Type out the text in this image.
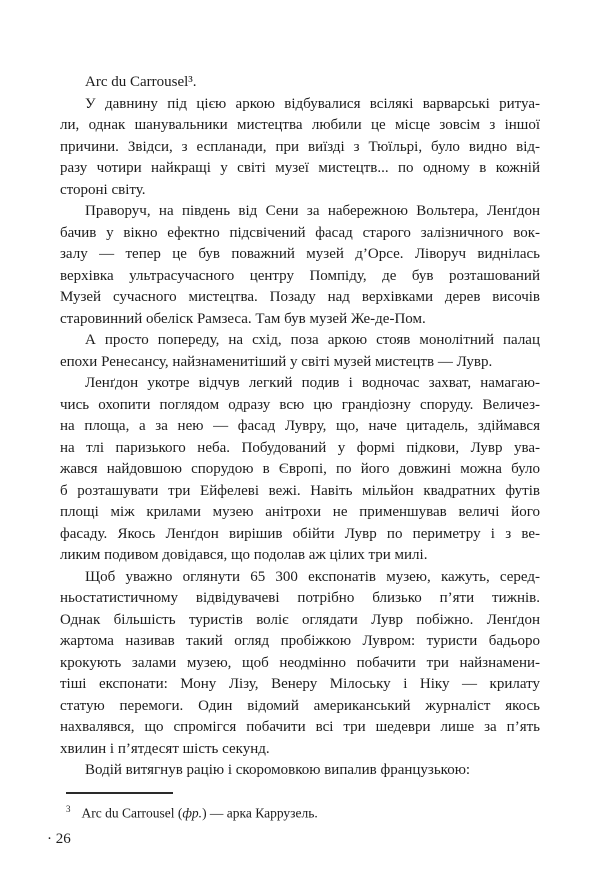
Arc du Carrousel³.
У давнину під цією аркою відбувалися всілякі варварські ритуа-
ли, однак шанувальники мистецтва любили це місце зовсім з іншої
причини. Звідси, з еспланади, при виїзді з Тюїльрі, було видно від-
разу чотири найкращі у світі музеї мистецтв... по одному в кожній
стороні світу.
Праворуч, на південь від Сени за набережною Вольтера, Ленґдон
бачив у вікно ефектно підсвічений фасад старого залізничного вок-
залу — тепер це був поважний музей д’Орсе. Ліворуч виднілась
верхівка ультрасучасного центру Помпіду, де був розташований
Музей сучасного мистецтва. Позаду над верхівками дерев височів
старовинний обеліск Рамзеса. Там був музей Же-де-Пом.
А просто попереду, на схід, поза аркою стояв монолітний палац
епохи Ренесансу, найзнаменитіший у світі музей мистецтв — Лувр.
Ленґдон укотре відчув легкий подив і водночас захват, намагаю-
чись охопити поглядом одразу всю цю грандіозну споруду. Величез-
на площа, а за нею — фасад Лувру, що, наче цитадель, здіймався
на тлі паризького неба. Побудований у формі підкови, Лувр ува-
жався найдовшою спорудою в Європі, по його довжині можна було
б розташувати три Ейфелеві вежі. Навіть мільйон квадратних футів
площі між крилами музею анітрохи не применшував величі його
фасаду. Якось Ленґдон вирішив обійти Лувр по периметру і з ве-
ликим подивом довідався, що подолав аж цілих три милі.
Щоб уважно оглянути 65 300 експонатів музею, кажуть, серед-
ньостатистичному відвідувачеві потрібно близько п’яти тижнів.
Однак більшість туристів воліє оглядати Лувр побіжно. Ленґдон
жартома називав такий огляд пробіжкою Лувром: туристи бадьоро
крокують залами музею, щоб неодмінно побачити три найзнамени-
тіші експонати: Мону Лізу, Венеру Мілоську і Ніку — крилату
статую перемоги. Один відомий американський журналіст якось
нахвалявся, що спромігся побачити всі три шедеври лише за п’ять
хвилин і п’ятдесят шість секунд.
Водій витягнув рацію і скоромовкою випалив французькою:
$^3$ Arc du Carrousel (фр.) — арка Каррузель.
· 26
